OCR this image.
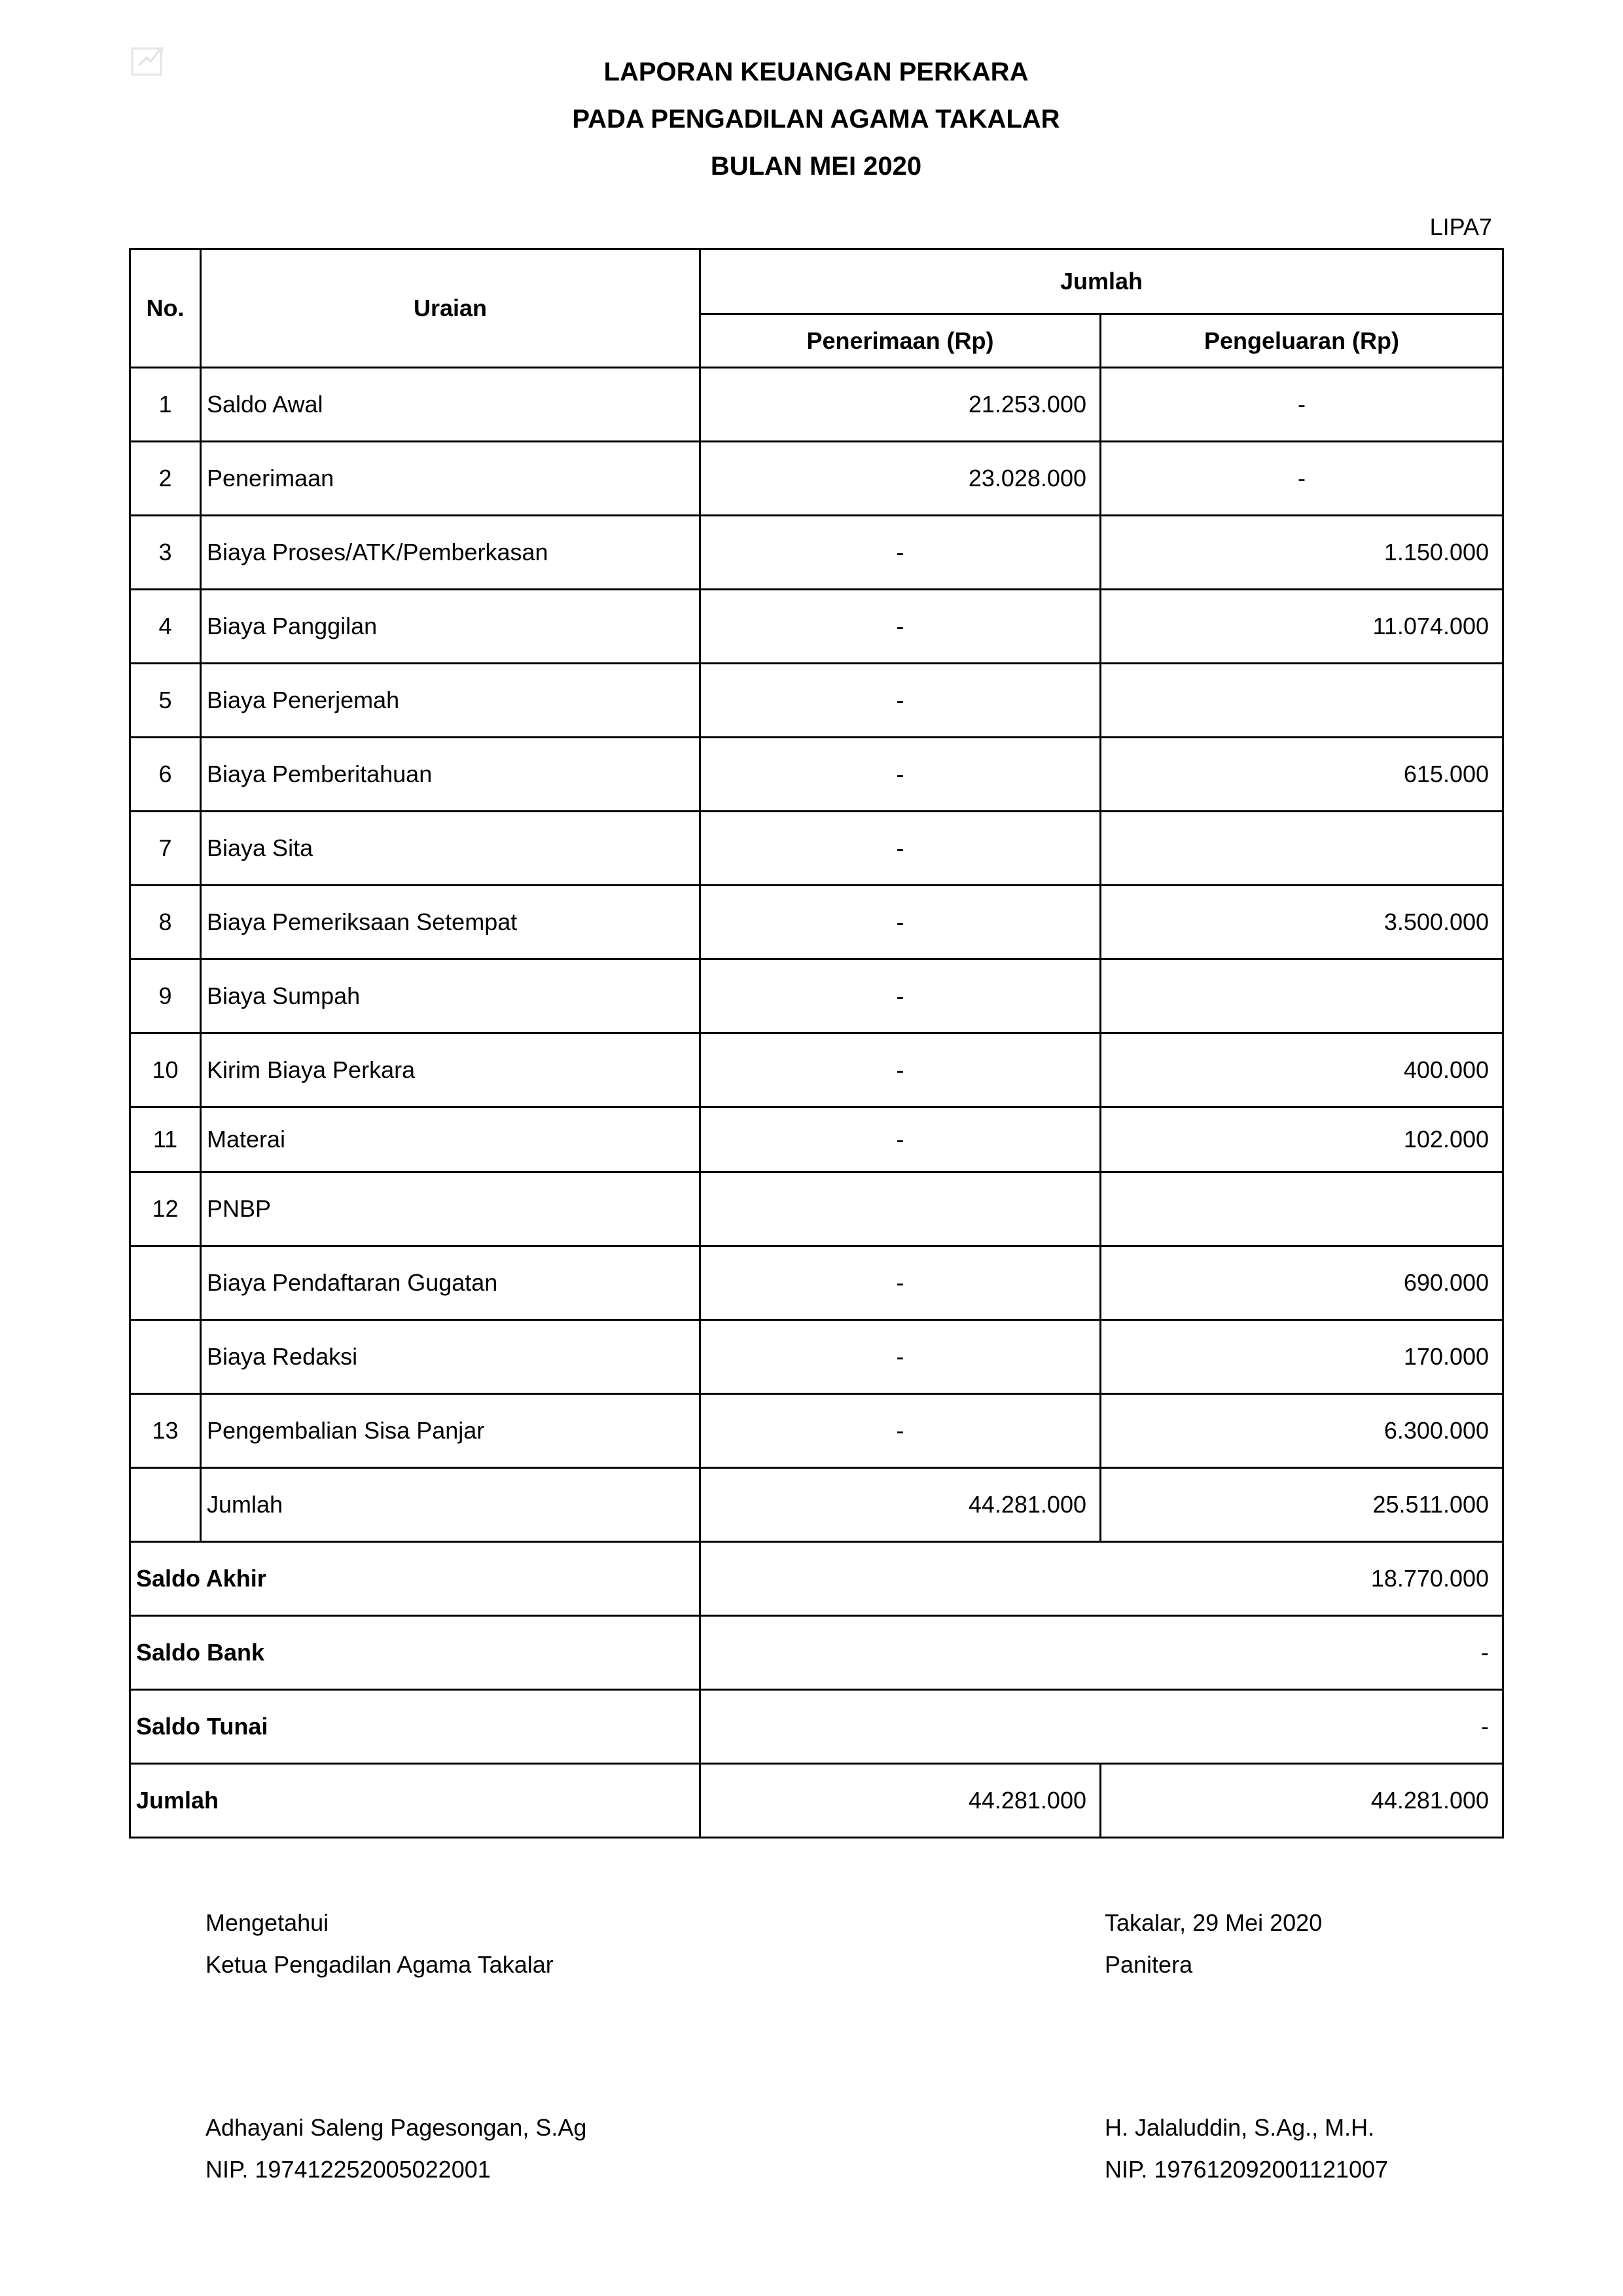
LAPORAN KEUANGAN PERKARA
PADA PENGADILAN AGAMA TAKALAR
BULAN MEI 2020
LIPA7
No.	Uraian	Jumlah	
		Penerimaan (Rp)	Pengeluaran (Rp)
1	Saldo Awal	21.253.000	-
2	Penerimaan	23.028.000	-
3	Biaya Proses/ATK/Pemberkasan	-	1.150.000
4	Biaya Panggilan	-	11.074.000
5	Biaya Penerjemah	-	
6	Biaya Pemberitahuan	-	615.000
7	Biaya Sita	-	
8	Biaya Pemeriksaan Setempat	-	3.500.000
9	Biaya Sumpah	-	
10	Kirim Biaya Perkara	-	400.000
11	Materai	-	102.000
12	PNBP		
	Biaya Pendaftaran Gugatan	-	690.000
	Biaya Redaksi	-	170.000
13	Pengembalian Sisa Panjar	-	6.300.000
	Jumlah	44.281.000	25.511.000
Saldo Akhir		18.770.000	
Saldo Bank		-	
Saldo Tunai		-	
Jumlah		44.281.000	44.281.000
Mengetahui
Ketua Pengadilan Agama Takalar
Adhayani Saleng Pagesongan, S.Ag
NIP. 197412252005022001
Takalar, 29 Mei 2020
Panitera
H. Jalaluddin, S.Ag., M.H.
NIP. 197612092001121007
